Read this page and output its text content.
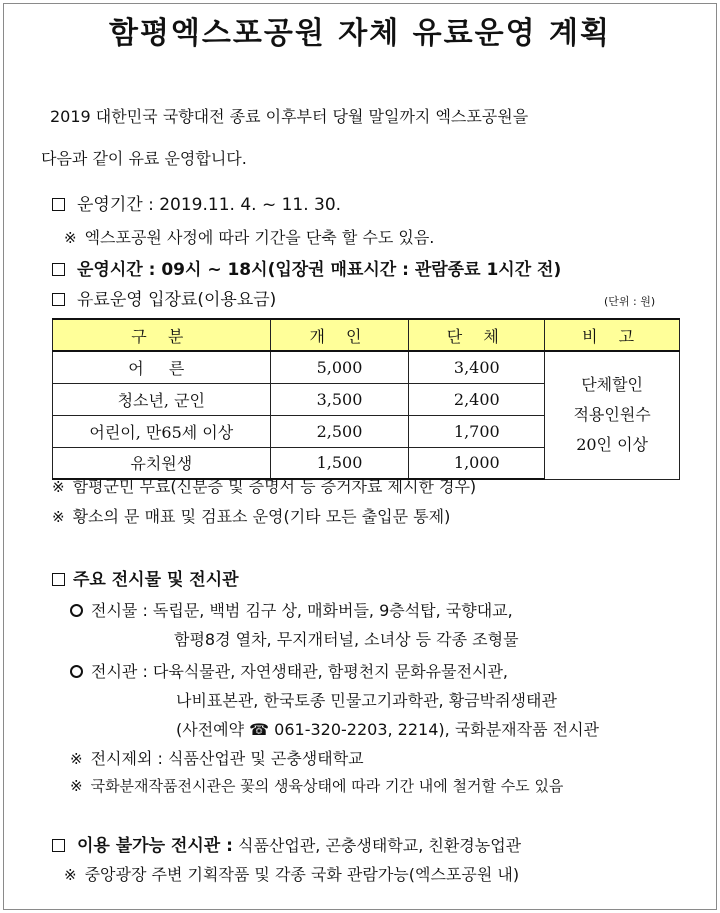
함평엑스포공원 자체 유료운영 계획
2019 대한민국 국향대전 종료 이후부터 당월 말일까지 엑스포공원을
다음과 같이 유료 운영합니다.
운영기간 : 2019.11. 4. ~ 11. 30.
※ 엑스포공원 사정에 따라 기간을 단축 할 수도 있음.
운영시간 : 09시 ~ 18시(입장권 매표시간 : 관람종료 1시간 전)
유료운영 입장료(이용요금)	(단위 : 원)
구 분	개 인	단 체	비 고
어 른	5,000	3,400	단체할인
적용인원수
20인 이상

청소년, 군인	3,500	2,400	
어린이, 만65세 이상	2,500	1,700	
유치원생	1,500	1,000	
※ 함평군민 무료(신분증 및 증명서 등 증거자료 제시한 경우)
※ 황소의 문 매표 및 검표소 운영(기타 모든 출입문 통제)
주요 전시물 및 전시관
전시물 : 독립문, 백범 김구 상, 매화버들, 9층석탑, 국향대교,
함평8경 열차, 무지개터널, 소녀상 등 각종 조형물
전시관 : 다육식물관, 자연생태관, 함평천지 문화유물전시관,
나비표본관, 한국토종 민물고기과학관, 황금박쥐생태관
(사전예약 ☎ 061-320-2203, 2214), 국화분재작품 전시관
※ 전시제외 : 식품산업관 및 곤충생태학교
※ 국화분재작품전시관은 꽃의 생육상태에 따라 기간 내에 철거할 수도 있음
이용 불가능 전시관 : 식품산업관, 곤충생태학교, 친환경농업관
※ 중앙광장 주변 기획작품 및 각종 국화 관람가능(엑스포공원 내)
